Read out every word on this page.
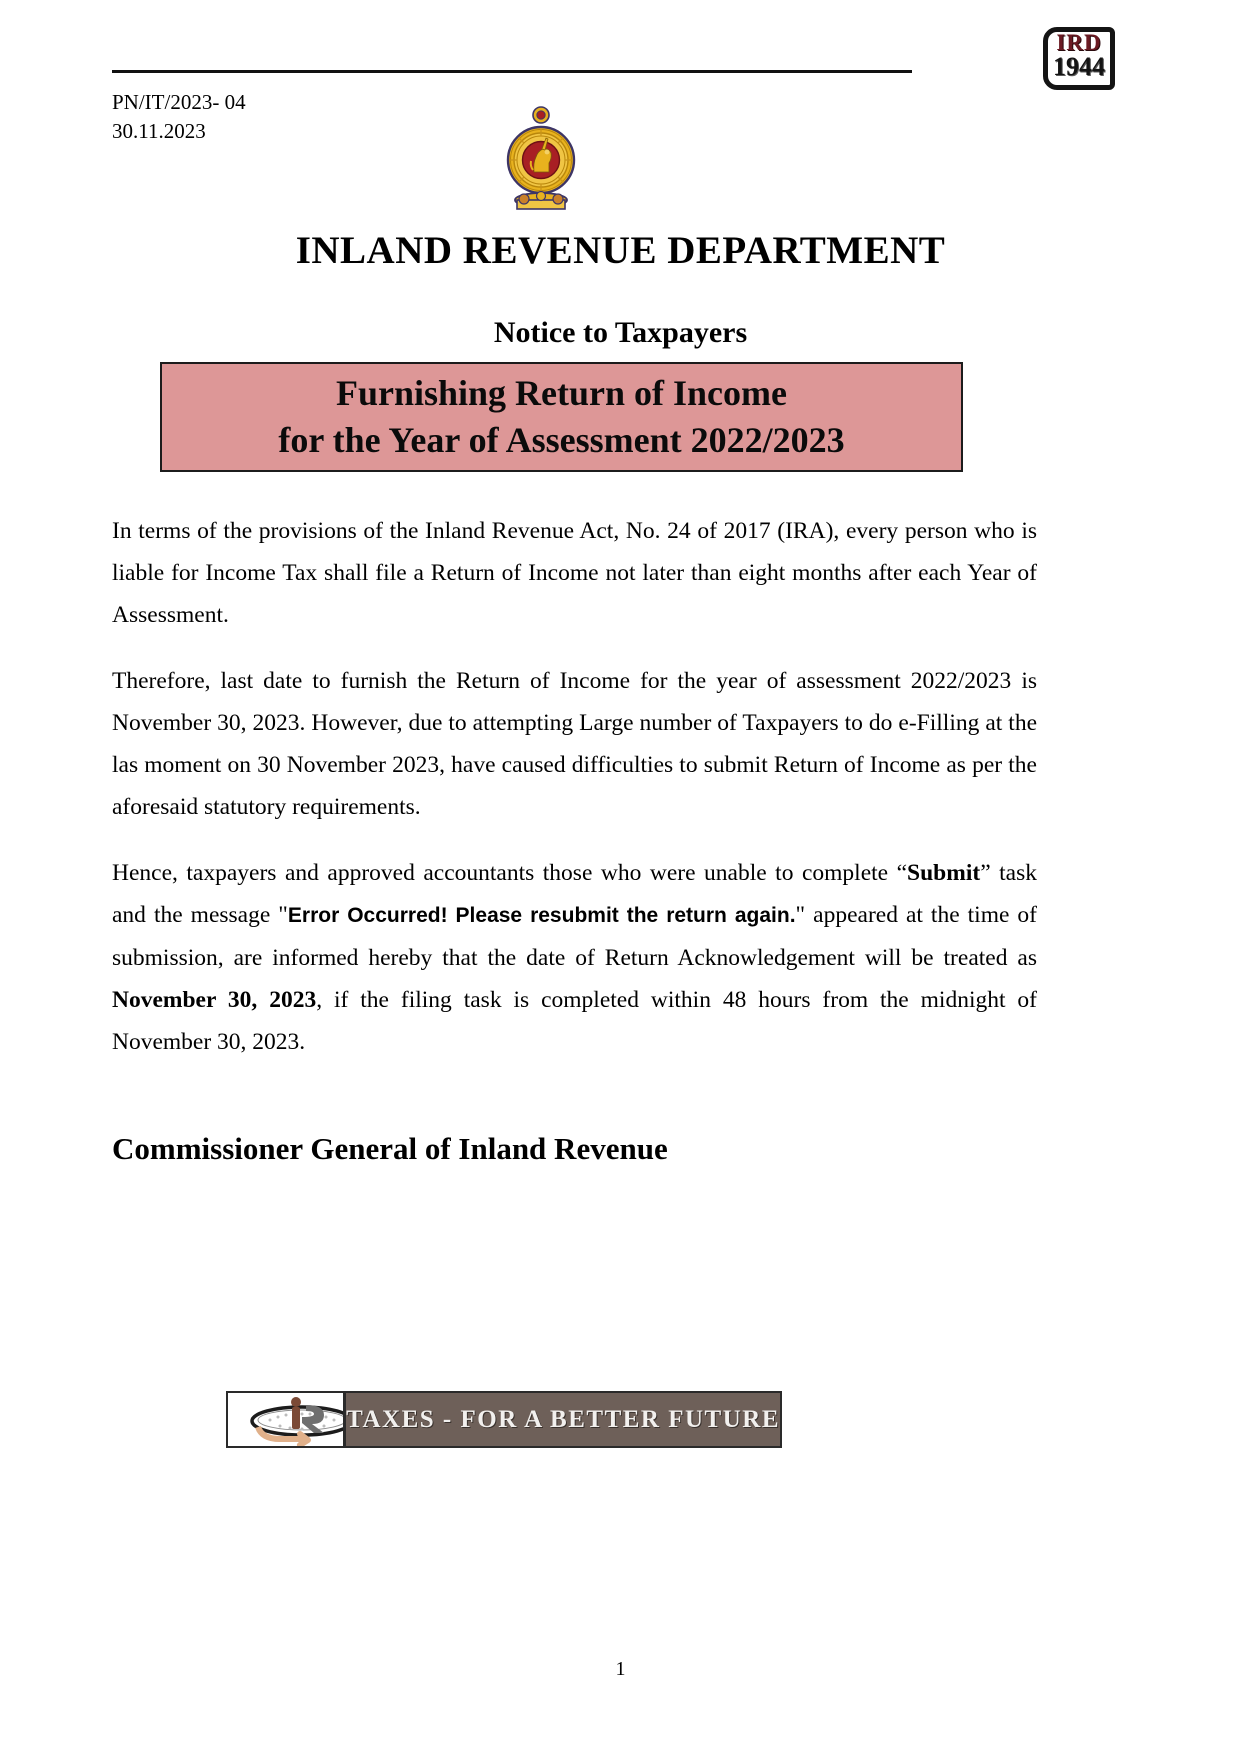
IRD
1944
PN/IT/2023- 04
30.11.2023
INLAND REVENUE DEPARTMENT
Notice to Taxpayers
Furnishing Return of Income
for the Year of Assessment 2022/2023

In terms of the provisions of the Inland Revenue Act, No. 24 of 2017 (IRA), every person who is liable for Income Tax shall file a Return of Income not later than eight months after each Year of Assessment.

Therefore, last date to furnish the Return of Income for the year of assessment 2022/2023 is November 30, 2023. However, due to attempting Large number of Taxpayers to do e-Filling at the las moment on 30 November 2023, have caused difficulties to submit Return of Income as per the aforesaid statutory requirements.

Hence, taxpayers and approved accountants those who were unable to complete “Submit” task and the message "Error Occurred! Please resubmit the return again." appeared at the time of submission, are informed hereby that the date of Return Acknowledgement will be treated as November 30, 2023, if the filing task is completed within 48 hours from the midnight of November 30, 2023.

Commissioner General of Inland Revenue
TAXES - FOR A BETTER FUTURE
1
